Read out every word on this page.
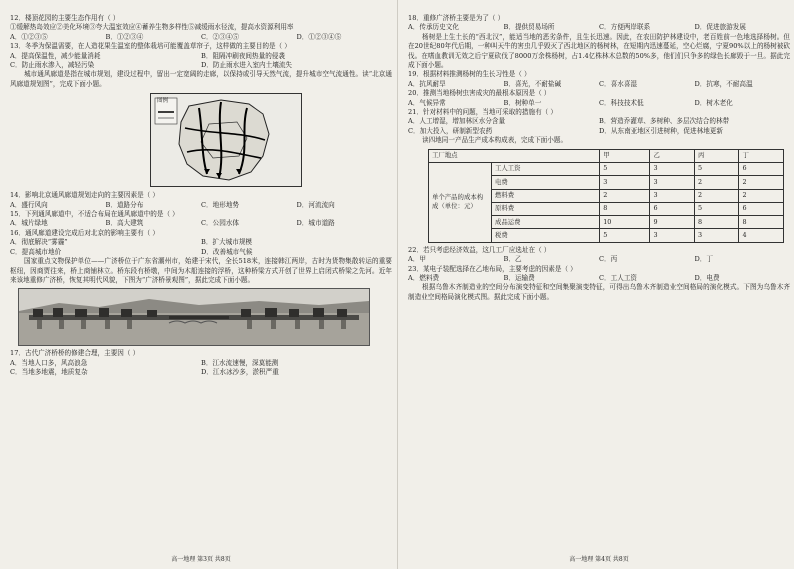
12．楼顶花园的主要生态作用有（ ）
①缓解热岛效应②美化环境③夸大温室效应④蓄养生物多样性⑤减缓雨水径流，提高水资源利用率
A．①②③⑤	B．①②③④	C．②③④⑤	D．①②③④⑤
13．冬季为保温需要，在人造花果生温室的整体栽培可能覆盖草帘子，这样做的主要目的是（ ）
A．提高保温性，减少能量消耗	B．阻隔冲刷夜间热量的侵袭
C．防止雨水渗入，减轻污染	D．防止雨水进入室内土壤流失
城市通风廊道是指在城市规划，建设过程中，留出一定宽阔的走廊，以保持或引导天然气流，提升城市空气流通性。读“北京通风廊道规划图”，完成下面小题。
图例
14．影响北京通风廊道规划走向的主要因素是（ ）
A．盛行风向	B．道路分布	C．地形地势	D．河流流向
15．下列通风廊道中，不适合布局在通风廊道中的是（ ）
A．城片绿地	B．高大建筑	C．公园水体	D．城市道路
16．通风廊道建设完成后对北京的影响主要有（ ）
A．彻底解决“雾霾”	B．扩大城市规模
C．提高城市地价	D．改善城市气候
国家重点文物保护单位——广济桥位于广东省潮州市，始建于宋代，全长518米，连接韩江两岸，古时为货物集散转运的重要枢纽，因商贾往来，桥上商铺林立。桥东段有桥墩，中间为木船连接的浮桥，这种桥梁方式开创了世界上启闭式桥梁之先河。近年来该地重修广济桥，恢复其明代风貌，下图为“广济桥景观图”，据此完成下面小题。
17．古代广济桥桥的修建合理，主要因（ ）
A．当地人口多，风高浪急	B．江水流速慢，深莫能测
C．当地多地震，地质复杂	D．江水冰沙多，淤积严重
高一地理 第3页 共8页
18．重修广济桥主要是为了（ ）
A．传承历史文化	B．提供贸易场所	C．方便两岸联系	D．促进旅游发展
杨树是上生土长的“西北汉”，能适当地的恶劣条件，且生长迅速。因此，在农田防护林建设中，老百姓前一色地选择杨树。但在20世纪80年代后期，一种叫天牛的害虫几乎毁灭了西北地区的杨树林，在短期内迅速蔓延，空心烂腐，宁夏90%以上的杨树被砍伐。在嗜血教训无效之后宁夏砍伐了8000万余株杨树，占1.4亿株林木总数的50%多，他们们只争多的绿色长廊毁于一旦。据此完成下面小题。
19．根据材料推测杨树的生长习性是（ ）
A．抗风耐旱	B．喜光，不耐盐碱	C．喜水喜湿	D．抗寒，不耐高温
20．推测当地杨树虫害成灾的最根本原因是（ ）
A．气候异常	B．树种单一	C．科技技术低	D．树木老化
21．针对材料中的问题，当地可采取的措施有（ ）
A．人工增湿，增加林区水分含量	B．营造乔灌草、多树种、多层次结合的林带
C．加大投入，研制新型农药	D．从东南亚地区引进树种，促进林地更新
读四地同一产品生产成本构成表，完成下面小题。
工厂地点		甲	乙	丙	丁
单个产品的成本构成（单位：元）	工人工资	5	3	5	6
	电费	3	3	2	2
	燃料费	2	3	2	2
	原料费	8	6	5	6
	成品运费	10	9	8	8
	税费	5	3	3	4
22．若只考虑经济效益，这几工厂应选址在（ ）
A．甲	B．乙	C．丙	D．丁
23．某电子装配选择在乙地布局，主要考虑的因素是（ ）
A．燃料费	B．运输费	C．工人工资	D．电费
根据乌鲁木齐制造业的空间分布演变特征和空间集聚演变特征，可得出乌鲁木齐制造业空间格局的演化模式。下图为乌鲁木齐制造业空间格局演化模式图。据此完成下面小题。
高一地理 第4页 共8页
